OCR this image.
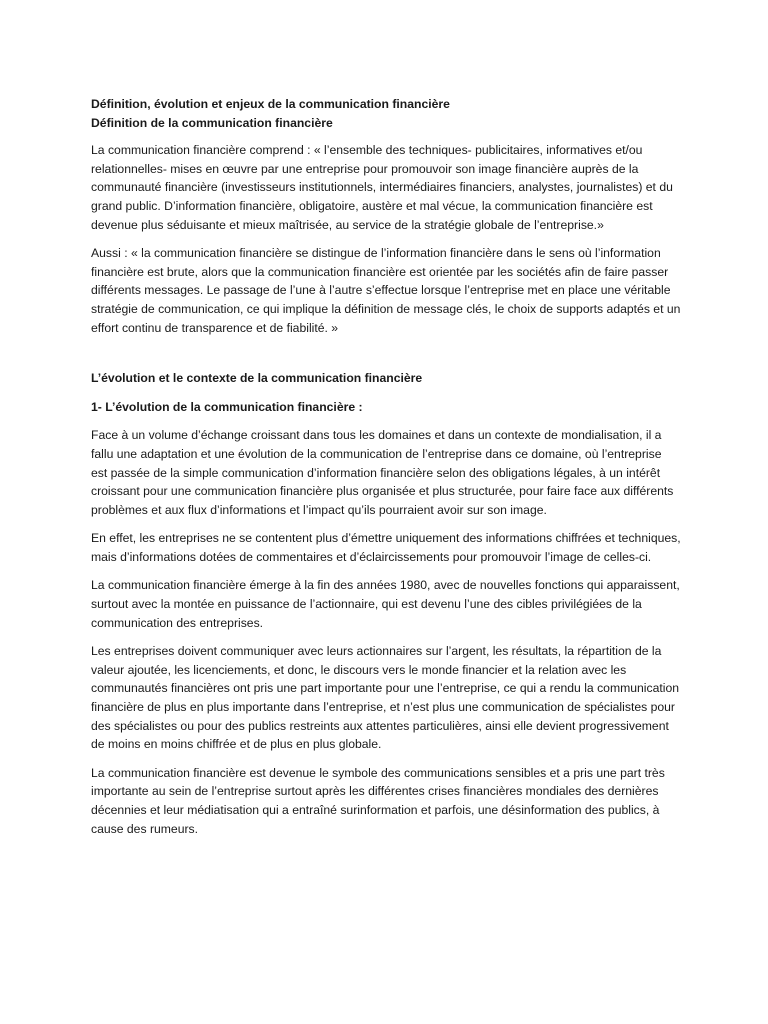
Définition, évolution et enjeux de la communication financière

Définition de la communication financière

La communication financière comprend : « l’ensemble des techniques- publicitaires, informatives et/ou relationnelles- mises en œuvre par une entreprise pour promouvoir son image financière auprès de la communauté financière (investisseurs institutionnels, intermédiaires financiers, analystes, journalistes) et du grand public. D’information financière, obligatoire, austère et mal vécue, la communication financière est devenue plus séduisante et mieux maîtrisée, au service de la stratégie globale de l’entreprise.»

Aussi : « la communication financière se distingue de l’information financière dans le sens où l’information financière est brute, alors que la communication financière est orientée par les sociétés afin de faire passer différents messages. Le passage de l’une à l’autre s’effectue lorsque l’entreprise met en place une véritable stratégie de communication, ce qui implique la définition de message clés, le choix de supports adaptés et un effort continu de transparence et de fiabilité. »

L’évolution et le contexte de la communication financière

1- L’évolution de la communication financière :

Face à un volume d’échange croissant dans tous les domaines et dans un contexte de mondialisation, il a fallu une adaptation et une évolution de la communication de l’entreprise dans ce domaine, où l’entreprise est passée de la simple communication d’information financière selon des obligations légales, à un intérêt croissant pour une communication financière plus organisée et plus structurée, pour faire face aux différents problèmes et aux flux d’informations et l’impact qu’ils pourraient avoir sur son image.

En effet, les entreprises ne se contentent plus d’émettre uniquement des informations chiffrées et techniques, mais d’informations dotées de commentaires et d’éclaircissements pour promouvoir l’image de celles-ci.

La communication financière émerge à la fin des années 1980, avec de nouvelles fonctions qui apparaissent, surtout avec la montée en puissance de l’actionnaire, qui est devenu l’une des cibles privilégiées de la communication des entreprises.

Les entreprises doivent communiquer avec leurs actionnaires sur l’argent, les résultats, la répartition de la valeur ajoutée, les licenciements, et donc, le discours vers le monde financier et la relation avec les communautés financières ont pris une part importante pour une l’entreprise, ce qui a rendu la communication financière de plus en plus importante dans l’entreprise, et n’est plus une communication de spécialistes pour des spécialistes ou pour des publics restreints aux attentes particulières, ainsi elle devient progressivement de moins en moins chiffrée et de plus en plus globale.

La communication financière est devenue le symbole des communications sensibles et a pris une part très importante au sein de l’entreprise surtout après les différentes crises financières mondiales des dernières décennies et leur médiatisation qui a entraîné surinformation et parfois, une désinformation des publics, à cause des rumeurs.
